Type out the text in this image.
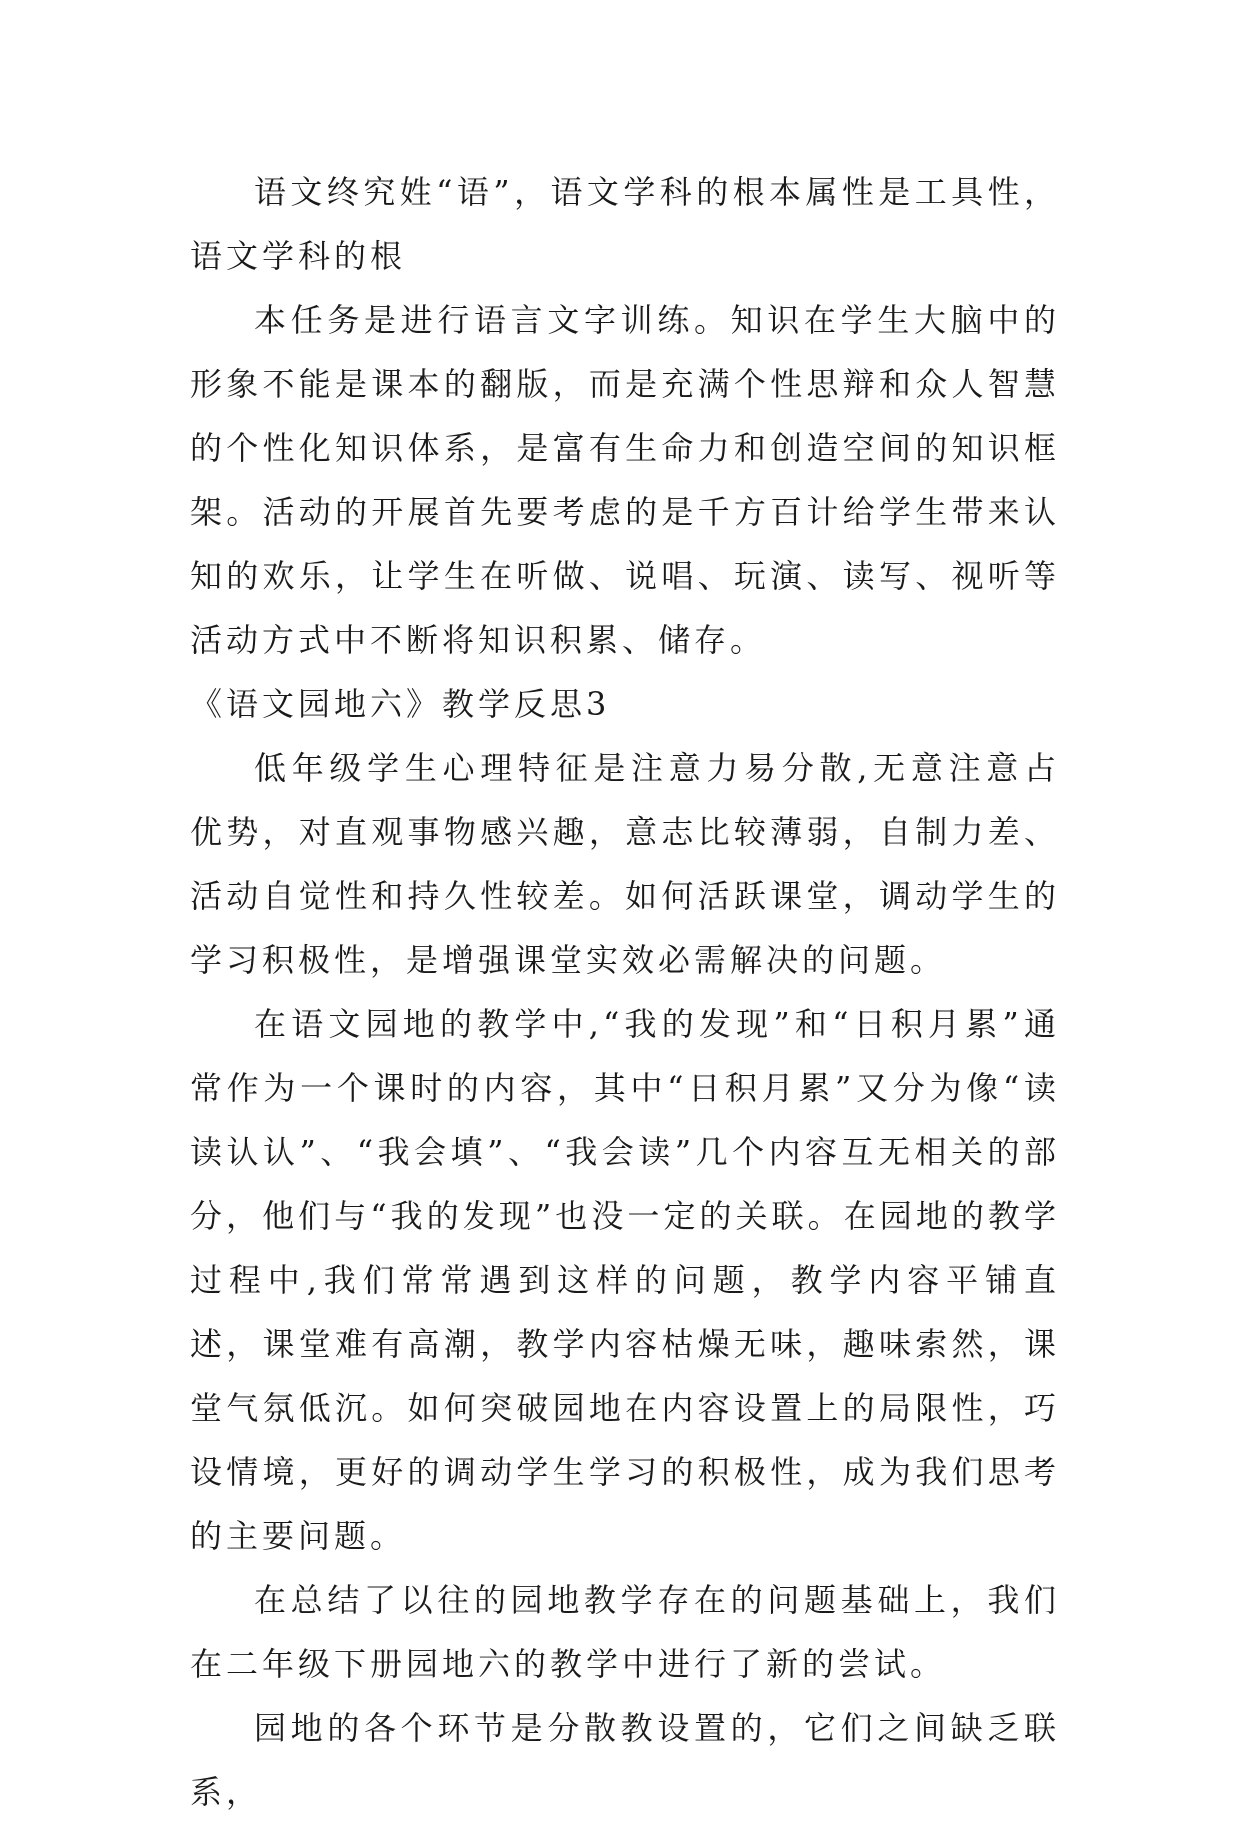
语文终究姓“语”，语文学科的根本属性是工具性，语文学科的根

本任务是进行语言文字训练。知识在学生大脑中的形象不能是课本的翻版，而是充满个性思辩和众人智慧的个性化知识体系，是富有生命力和创造空间的知识框架。活动的开展首先要考虑的是千方百计给学生带来认知的欢乐，让学生在听做、说唱、玩演、读写、视听等活动方式中不断将知识积累、储存。

《语文园地六》教学反思3

低年级学生心理特征是注意力易分散,无意注意占优势，对直观事物感兴趣，意志比较薄弱，自制力差、活动自觉性和持久性较差。如何活跃课堂，调动学生的学习积极性，是增强课堂实效必需解决的问题。

在语文园地的教学中,“我的发现”和“日积月累”通常作为一个课时的内容，其中“日积月累”又分为像“读读认认”、“我会填”、“我会读”几个内容互无相关的部分，他们与“我的发现”也没一定的关联。在园地的教学过程中,我们常常遇到这样的问题，教学内容平铺直述，课堂难有高潮，教学内容枯燥无味，趣味索然，课堂气氛低沉。如何突破园地在内容设置上的局限性，巧设情境，更好的调动学生学习的积极性，成为我们思考的主要问题。

在总结了以往的园地教学存在的问题基础上，我们在二年级下册园地六的教学中进行了新的尝试。

园地的各个环节是分散教设置的，它们之间缺乏联系，
